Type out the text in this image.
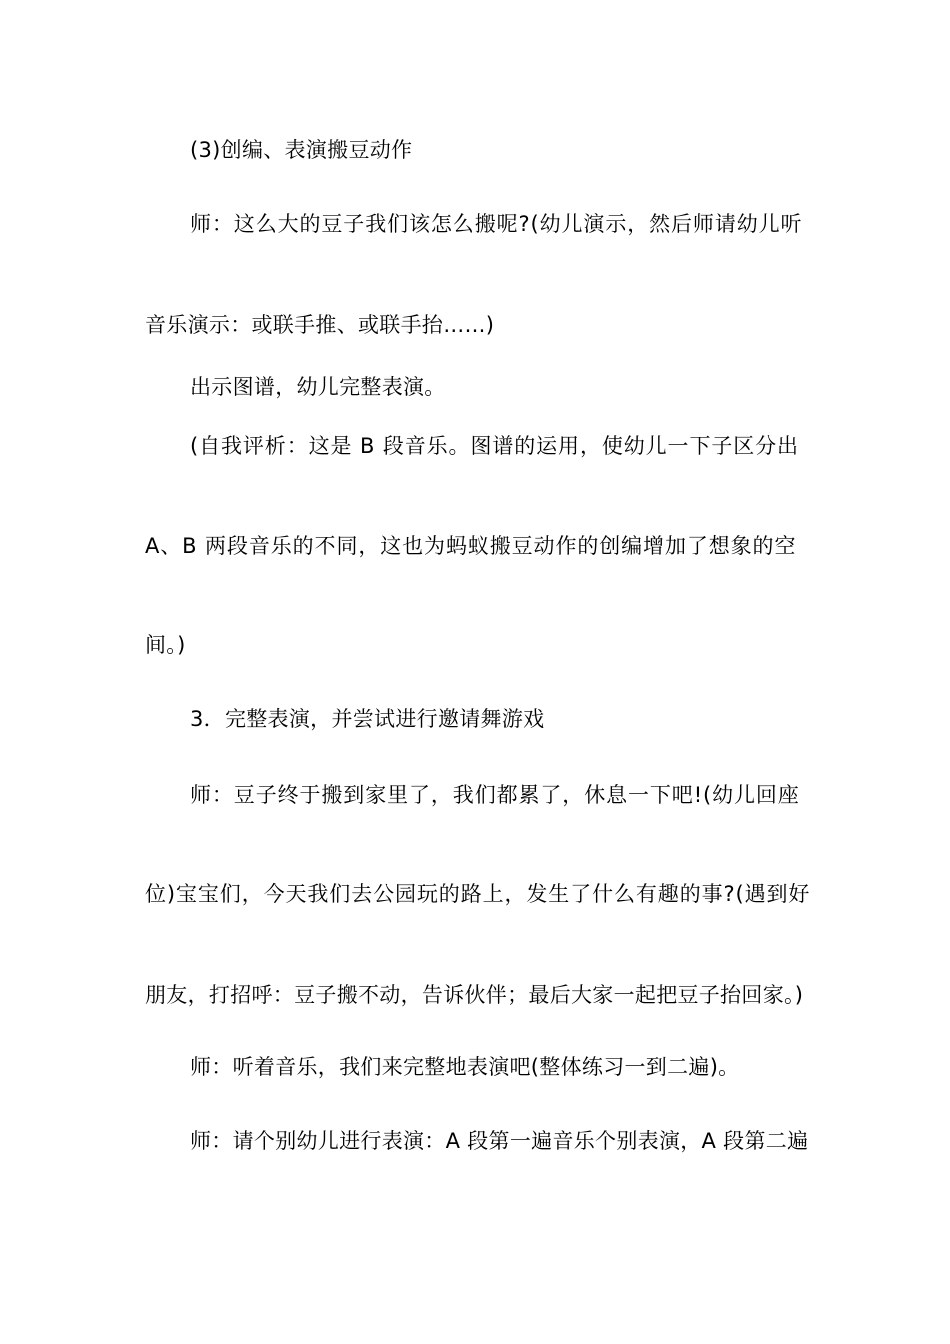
(3)创编、表演搬豆动作
师：这么大的豆子我们该怎么搬呢?(幼儿演示，然后师请幼儿听
音乐演示：或联手推、或联手抬……)
出示图谱，幼儿完整表演。
(自我评析：这是 B 段音乐。图谱的运用，使幼儿一下子区分出
A、B 两段音乐的不同，这也为蚂蚁搬豆动作的创编增加了想象的空
间。)
3．完整表演，并尝试进行邀请舞游戏
师：豆子终于搬到家里了，我们都累了，休息一下吧!(幼儿回座
位)宝宝们，今天我们去公园玩的路上，发生了什么有趣的事?(遇到好
朋友，打招呼：豆子搬不动，告诉伙伴；最后大家一起把豆子抬回家。)
师：听着音乐，我们来完整地表演吧(整体练习一到二遍)。
师：请个别幼儿进行表演：A 段第一遍音乐个别表演，A 段第二遍
